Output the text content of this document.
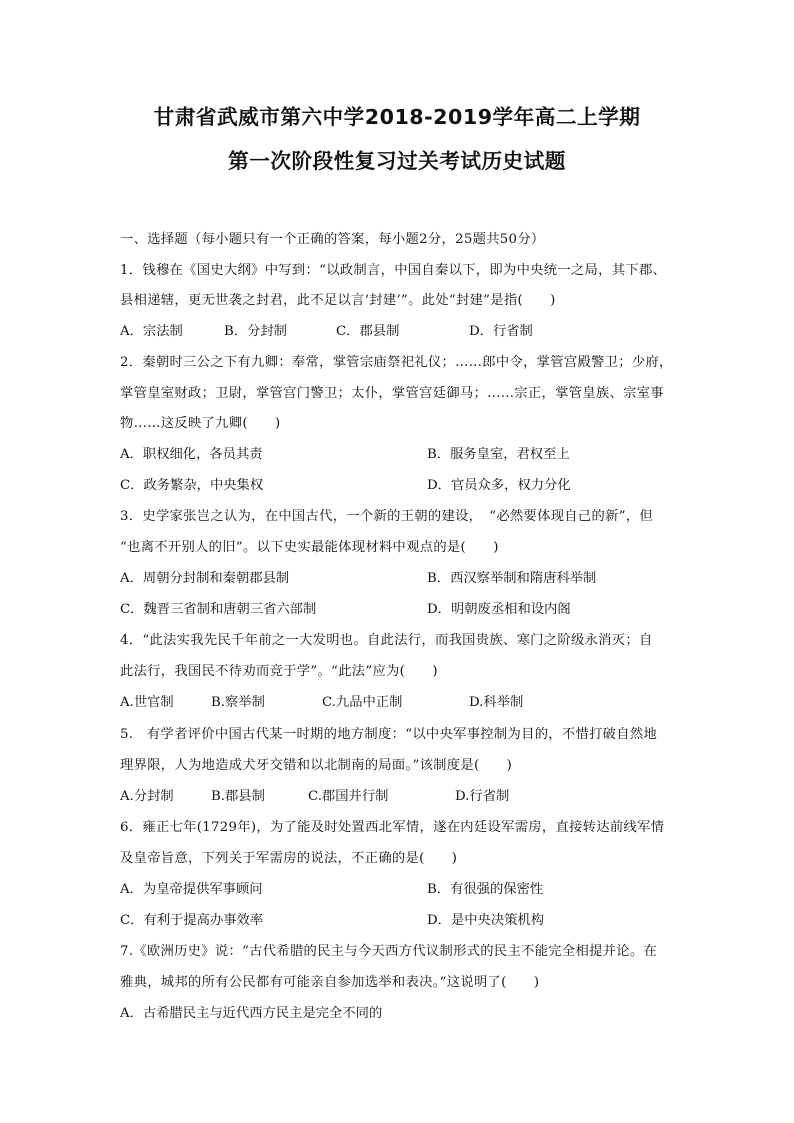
甘肃省武威市第六中学2018-2019学年高二上学期
第一次阶段性复习过关考试历史试题
一、选择题（每小题只有一个正确的答案，每小题2分，25题共50分）
1．钱穆在《国史大纲》中写到：“以政制言，中国自秦以下，即为中央统一之局，其下郡、
县相递辖，更无世袭之封君，此不足以言‘封建’”。此处“封建”是指(　　)
A．宗法制	B．分封制	C．郡县制	D．行省制
2．秦朝时三公之下有九卿：奉常，掌管宗庙祭祀礼仪；……郎中令，掌管宫殿警卫；少府，
掌管皇室财政；卫尉，掌管宫门警卫；太仆，掌管宫廷御马；……宗正，掌管皇族、宗室事
物……这反映了九卿(　　)
A．职权细化，各员其责	B．服务皇室，君权至上
C．政务繁杂，中央集权	D．官员众多，权力分化
3．史学家张岂之认为，在中国古代，一个新的王朝的建设，　“必然要体现自己的新”，但
“也离不开别人的旧”。以下史实最能体现材料中观点的是(　　)
A．周朝分封制和秦朝郡县制	B．西汉察举制和隋唐科举制
C．魏晋三省制和唐朝三省六部制	D．明朝废丞相和设内阁
4．“此法实我先民千年前之一大发明也。自此法行，而我国贵族、寒门之阶级永消灭；自
此法行，我国民不待劝而竞于学”。“此法”应为(　　)
A.世官制	B.察举制	C.九品中正制	D.科举制
5.　有学者评价中国古代某一时期的地方制度：“以中央军事控制为目的，不惜打破自然地
理界限，人为地造成犬牙交错和以北制南的局面。”该制度是(　　)
A.分封制	B.郡县制	C.郡国并行制	D.行省制
6．雍正七年(1729年)，为了能及时处置西北军情，遂在内廷设军需房，直接转达前线军情
及皇帝旨意，下列关于军需房的说法，不正确的是(　　)
A．为皇帝提供军事顾问	B．有很强的保密性
C．有利于提高办事效率	D．是中央决策机构
7.《欧洲历史》说：“古代希腊的民主与今天西方代议制形式的民主不能完全相提并论。在
雅典，城邦的所有公民都有可能亲自参加选举和表决。”这说明了(　　)
A．古希腊民主与近代西方民主是完全不同的
